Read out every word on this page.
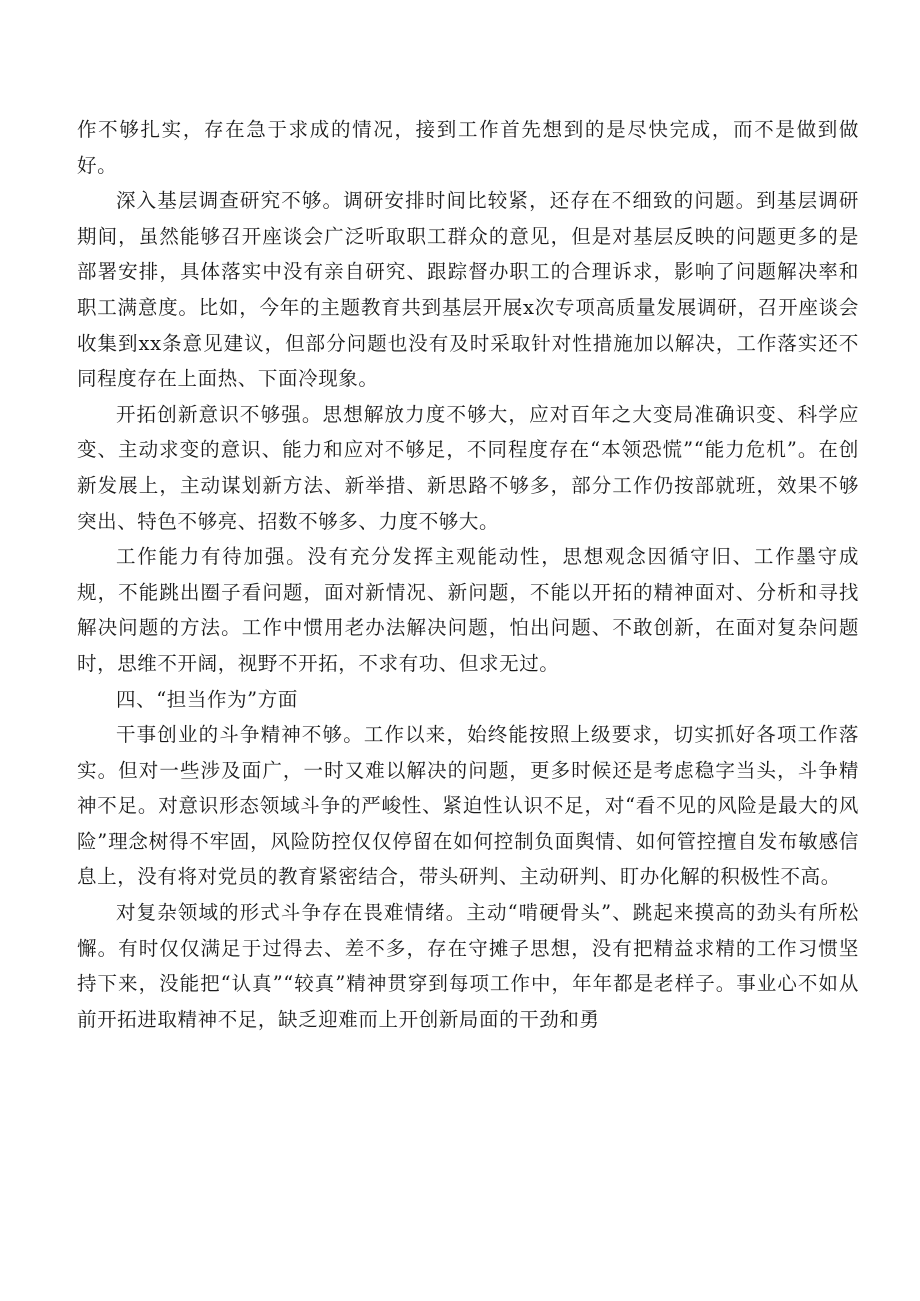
作不够扎实，存在急于求成的情况，接到工作首先想到的是尽快完成，而不是做到做好。

深入基层调查研究不够。调研安排时间比较紧，还存在不细致的问题。到基层调研期间，虽然能够召开座谈会广泛听取职工群众的意见，但是对基层反映的问题更多的是部署安排，具体落实中没有亲自研究、跟踪督办职工的合理诉求，影响了问题解决率和职工满意度。比如，今年的主题教育共到基层开展x次专项高质量发展调研，召开座谈会收集到xx条意见建议，但部分问题也没有及时采取针对性措施加以解决，工作落实还不同程度存在上面热、下面冷现象。

开拓创新意识不够强。思想解放力度不够大，应对百年之大变局准确识变、科学应变、主动求变的意识、能力和应对不够足，不同程度存在“本领恐慌”“能力危机”。在创新发展上，主动谋划新方法、新举措、新思路不够多，部分工作仍按部就班，效果不够突出、特色不够亮、招数不够多、力度不够大。

工作能力有待加强。没有充分发挥主观能动性，思想观念因循守旧、工作墨守成规，不能跳出圈子看问题，面对新情况、新问题，不能以开拓的精神面对、分析和寻找解决问题的方法。工作中惯用老办法解决问题，怕出问题、不敢创新，在面对复杂问题时，思维不开阔，视野不开拓，不求有功、但求无过。

四、“担当作为”方面

干事创业的斗争精神不够。工作以来，始终能按照上级要求，切实抓好各项工作落实。但对一些涉及面广，一时又难以解决的问题，更多时候还是考虑稳字当头，斗争精神不足。对意识形态领域斗争的严峻性、紧迫性认识不足，对“看不见的风险是最大的风险”理念树得不牢固，风险防控仅仅停留在如何控制负面舆情、如何管控擅自发布敏感信息上，没有将对党员的教育紧密结合，带头研判、主动研判、盯办化解的积极性不高。

对复杂领域的形式斗争存在畏难情绪。主动“啃硬骨头”、跳起来摸高的劲头有所松懈。有时仅仅满足于过得去、差不多，存在守摊子思想，没有把精益求精的工作习惯坚持下来，没能把“认真”“较真”精神贯穿到每项工作中，年年都是老样子。事业心不如从前开拓进取精神不足，缺乏迎难而上开创新局面的干劲和勇
